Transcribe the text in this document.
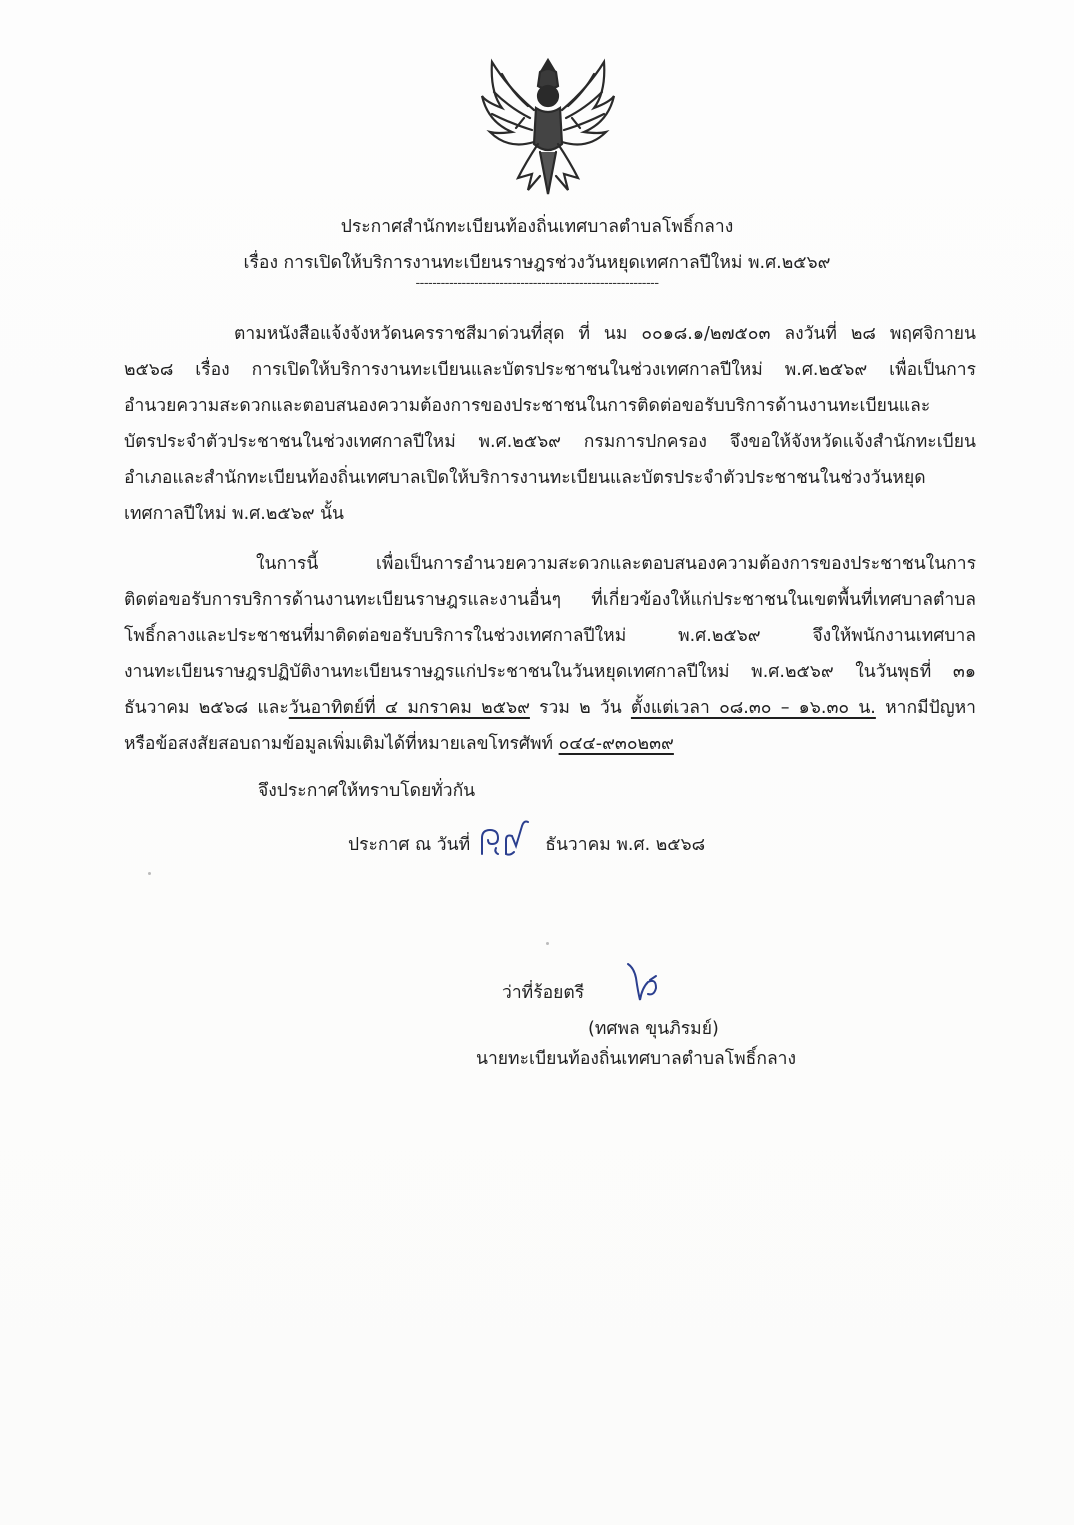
ประกาศสำนักทะเบียนท้องถิ่นเทศบาลตำบลโพธิ์กลาง
เรื่อง การเปิดให้บริการงานทะเบียนราษฎรช่วงวันหยุดเทศกาลปีใหม่ พ.ศ.๒๕๖๙
----------------------------------------------------------
ตามหนังสือแจ้งจังหวัดนครราชสีมาด่วนที่สุด ที่ นม ๐๐๑๘.๑/๒๗๕๐๓ ลงวันที่ ๒๘ พฤศจิกายน
๒๕๖๘ เรื่อง การเปิดให้บริการงานทะเบียนและบัตรประชาชนในช่วงเทศกาลปีใหม่ พ.ศ.๒๕๖๙ เพื่อเป็นการ
อำนวยความสะดวกและตอบสนองความต้องการของประชาชนในการติดต่อขอรับบริการด้านงานทะเบียนและ
บัตรประจำตัวประชาชนในช่วงเทศกาลปีใหม่ พ.ศ.๒๕๖๙ กรมการปกครอง จึงขอให้จังหวัดแจ้งสำนักทะเบียน
อำเภอและสำนักทะเบียนท้องถิ่นเทศบาลเปิดให้บริการงานทะเบียนและบัตรประจำตัวประชาชนในช่วงวันหยุด
เทศกาลปีใหม่ พ.ศ.๒๕๖๙ นั้น
ในการนี้ เพื่อเป็นการอำนวยความสะดวกและตอบสนองความต้องการของประชาชนในการ
ติดต่อขอรับการบริการด้านงานทะเบียนราษฎรและงานอื่นๆ ที่เกี่ยวข้องให้แก่ประชาชนในเขตพื้นที่เทศบาลตำบล
โพธิ์กลางและประชาชนที่มาติดต่อขอรับบริการในช่วงเทศกาลปีใหม่ พ.ศ.๒๕๖๙ จึงให้พนักงานเทศบาล
งานทะเบียนราษฎรปฏิบัติงานทะเบียนราษฎรแก่ประชาชนในวันหยุดเทศกาลปีใหม่ พ.ศ.๒๕๖๙ ในวันพุธที่ ๓๑
ธันวาคม ๒๕๖๘ และวันอาทิตย์ที่ ๔ มกราคม ๒๕๖๙ รวม ๒ วัน ตั้งแต่เวลา ๐๘.๓๐ – ๑๖.๓๐ น. หากมีปัญหา
หรือข้อสงสัยสอบถามข้อมูลเพิ่มเติมได้ที่หมายเลขโทรศัพท์ ๐๔๔-๙๓๐๒๓๙
จึงประกาศให้ทราบโดยทั่วกัน
ประกาศ ณ วันที่	ธันวาคม พ.ศ. ๒๕๖๘
ว่าที่ร้อยตรี
(ทศพล ขุนภิรมย์)
นายทะเบียนท้องถิ่นเทศบาลตำบลโพธิ์กลาง
